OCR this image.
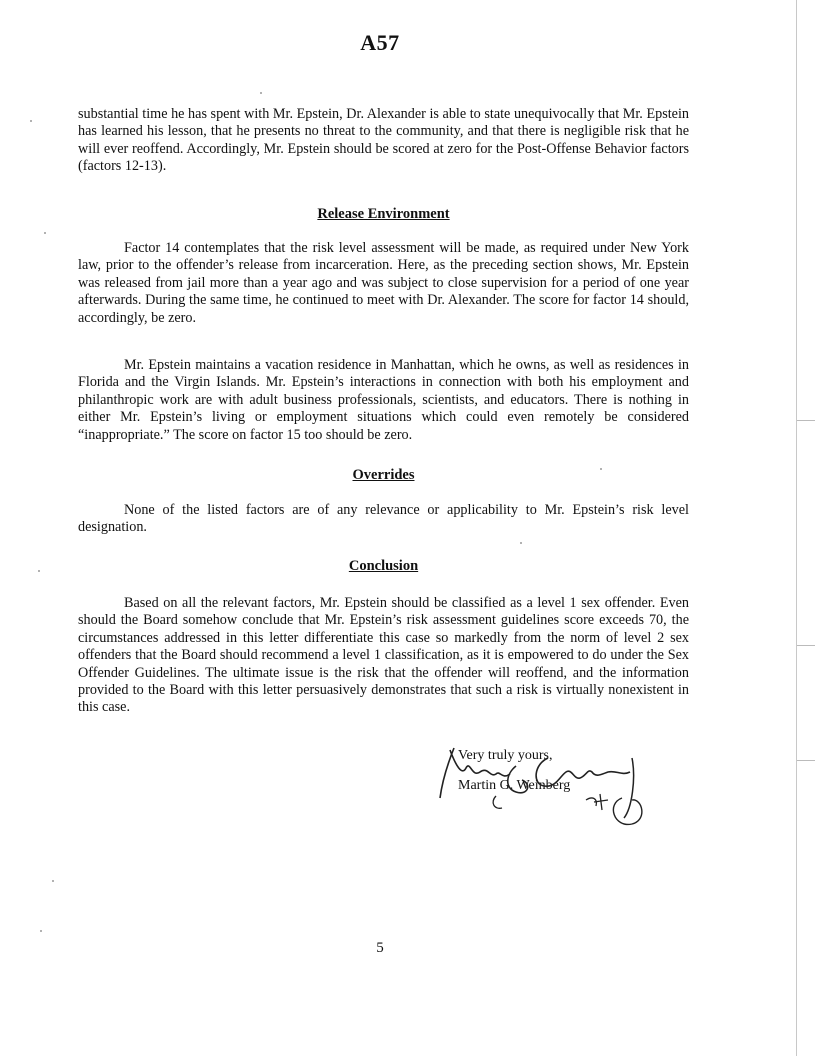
A57

substantial time he has spent with Mr. Epstein, Dr. Alexander is able to state unequivocally that Mr. Epstein has learned his lesson, that he presents no threat to the community, and that there is negligible risk that he will ever reoffend. Accordingly, Mr. Epstein should be scored at zero for the Post-Offense Behavior factors (factors 12-13).

Release Environment

Factor 14 contemplates that the risk level assessment will be made, as required under New York law, prior to the offender’s release from incarceration. Here, as the preceding section shows, Mr. Epstein was released from jail more than a year ago and was subject to close supervision for a period of one year afterwards. During the same time, he continued to meet with Dr. Alexander. The score for factor 14 should, accordingly, be zero.

Mr. Epstein maintains a vacation residence in Manhattan, which he owns, as well as residences in Florida and the Virgin Islands. Mr. Epstein’s interactions in connection with both his employment and philanthropic work are with adult business professionals, scientists, and educators. There is nothing in either Mr. Epstein’s living or employment situations which could even remotely be considered “inappropriate.” The score on factor 15 too should be zero.

Overrides

None of the listed factors are of any relevance or applicability to Mr. Epstein’s risk level designation.

Conclusion

Based on all the relevant factors, Mr. Epstein should be classified as a level 1 sex offender. Even should the Board somehow conclude that Mr. Epstein’s risk assessment guidelines score exceeds 70, the circumstances addressed in this letter differentiate this case so markedly from the norm of level 2 sex offenders that the Board should recommend a level 1 classification, as it is empowered to do under the Sex Offender Guidelines. The ultimate issue is the risk that the offender will reoffend, and the information provided to the Board with this letter persuasively demonstrates that such a risk is virtually nonexistent in this case.

Very truly yours,
Martin G. Weinberg
5
